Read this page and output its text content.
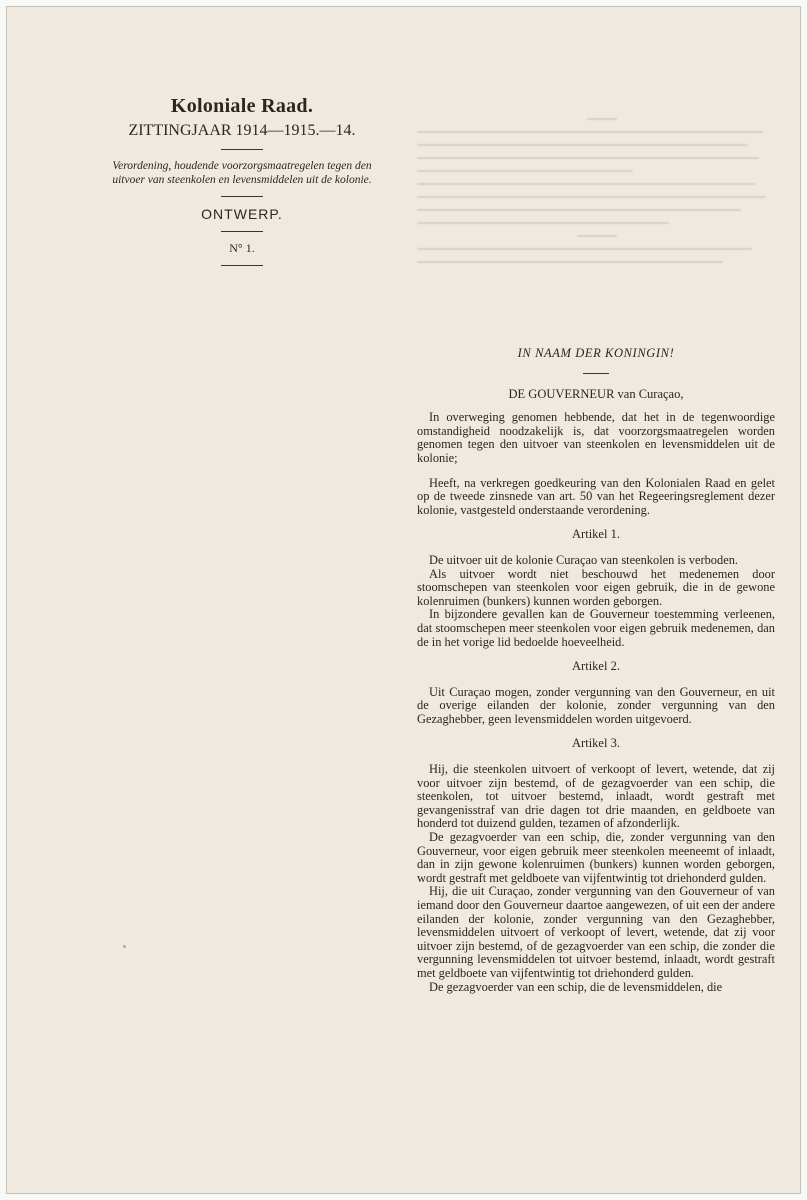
Koloniale Raad.

ZITTINGJAAR 1914—1915.—14.

Verordening, houdende voorzorgsmaatregelen tegen den uitvoer van steenkolen en levensmiddelen uit de kolonie.

ONTWERP.

N° 1.

IN NAAM DER KONINGIN!

DE GOUVERNEUR van Curaçao,

In overweging genomen hebbende, dat het in de tegenwoordige omstandigheid noodzakelijk is, dat voorzorgsmaatregelen worden genomen tegen den uitvoer van steenkolen en levensmiddelen uit de kolonie;

Heeft, na verkregen goedkeuring van den Kolonialen Raad en gelet op de tweede zinsnede van art. 50 van het Regeeringsreglement dezer kolonie, vastgesteld onderstaande verordening.

Artikel 1.

De uitvoer uit de kolonie Curaçao van steenkolen is verboden.

Als uitvoer wordt niet beschouwd het medenemen door stoomschepen van steenkolen voor eigen gebruik, die in de gewone kolenruimen (bunkers) kunnen worden geborgen.

In bijzondere gevallen kan de Gouverneur toestemming verleenen, dat stoomschepen meer steenkolen voor eigen gebruik medenemen, dan de in het vorige lid bedoelde hoeveelheid.

Artikel 2.

Uit Curaçao mogen, zonder vergunning van den Gouverneur, en uit de overige eilanden der kolonie, zonder vergunning van den Gezaghebber, geen levensmiddelen worden uitgevoerd.

Artikel 3.

Hij, die steenkolen uitvoert of verkoopt of levert, wetende, dat zij voor uitvoer zijn bestemd, of de gezagvoerder van een schip, die steenkolen, tot uitvoer bestemd, inlaadt, wordt gestraft met gevangenisstraf van drie dagen tot drie maanden, en geldboete van honderd tot duizend gulden, tezamen of afzonderlijk.

De gezagvoerder van een schip, die, zonder vergunning van den Gouverneur, voor eigen gebruik meer steenkolen meeneemt of inlaadt, dan in zijn gewone kolenruimen (bunkers) kunnen worden geborgen, wordt gestraft met geldboete van vijfentwintig tot driehonderd gulden.

Hij, die uit Curaçao, zonder vergunning van den Gouverneur of van iemand door den Gouverneur daartoe aangewezen, of uit een der andere eilanden der kolonie, zonder vergunning van den Gezaghebber, levensmiddelen uitvoert of verkoopt of levert, wetende, dat zij voor uitvoer zijn bestemd, of de gezagvoerder van een schip, die zonder die vergunning levensmiddelen tot uitvoer bestemd, inlaadt, wordt gestraft met geldboete van vijfentwintig tot driehonderd gulden.

De gezagvoerder van een schip, die de levensmiddelen, die
